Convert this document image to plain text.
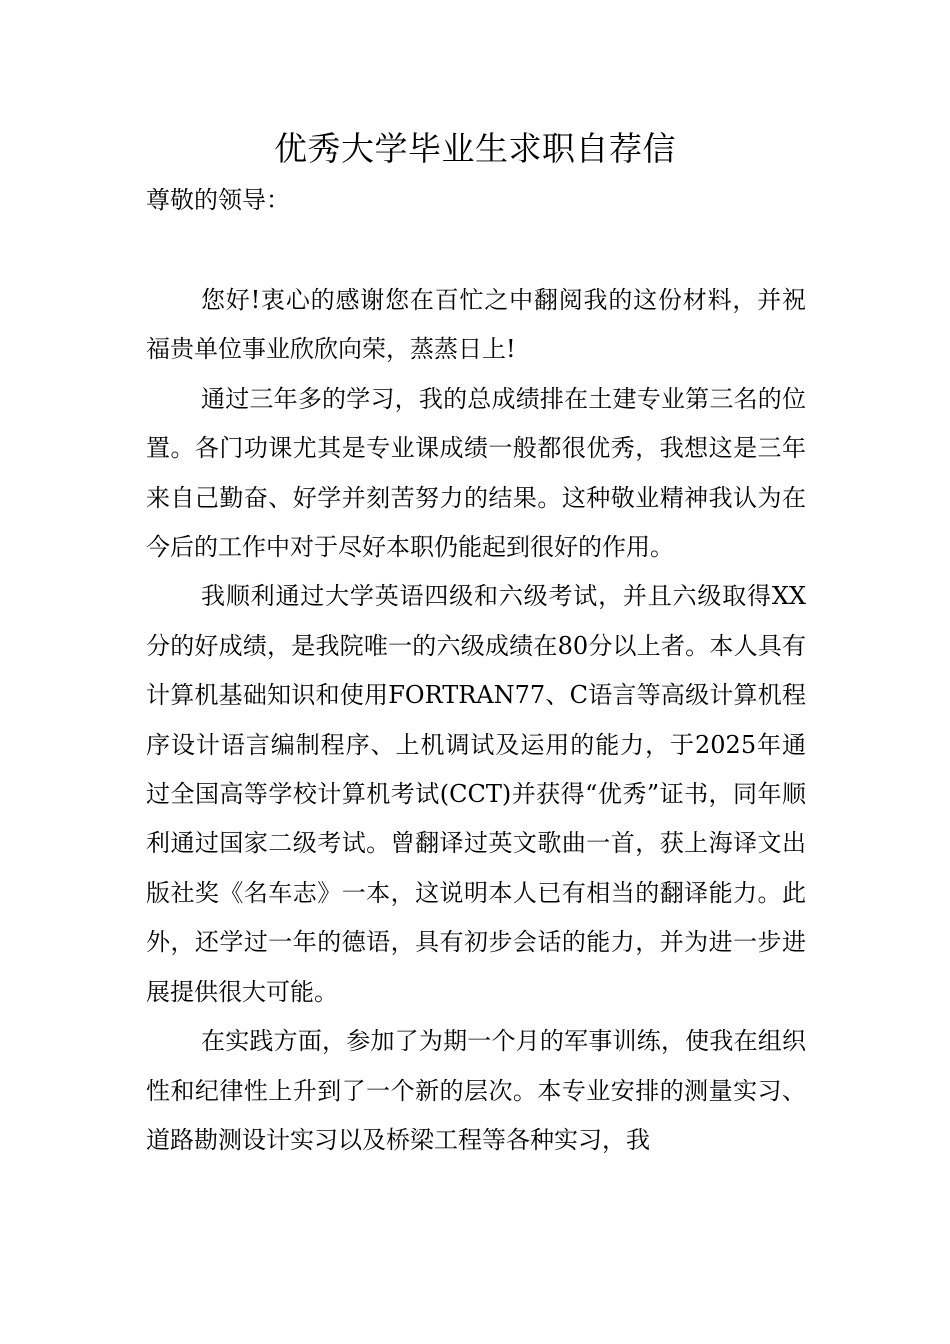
优秀大学毕业生求职自荐信

尊敬的领导：

您好!衷心的感谢您在百忙之中翻阅我的这份材料，并祝福贵单位事业欣欣向荣，蒸蒸日上!

通过三年多的学习，我的总成绩排在土建专业第三名的位置。各门功课尤其是专业课成绩一般都很优秀，我想这是三年来自己勤奋、好学并刻苦努力的结果。这种敬业精神我认为在今后的工作中对于尽好本职仍能起到很好的作用。

我顺利通过大学英语四级和六级考试，并且六级取得XX分的好成绩，是我院唯一的六级成绩在80分以上者。本人具有计算机基础知识和使用FORTRAN77、C语言等高级计算机程序设计语言编制程序、上机调试及运用的能力，于2025年通过全国高等学校计算机考试(CCT)并获得“优秀”证书，同年顺利通过国家二级考试。曾翻译过英文歌曲一首，获上海译文出版社奖《名车志》一本，这说明本人已有相当的翻译能力。此外，还学过一年的德语，具有初步会话的能力，并为进一步进展提供很大可能。

在实践方面，参加了为期一个月的军事训练，使我在组织性和纪律性上升到了一个新的层次。本专业安排的测量实习、道路勘测设计实习以及桥梁工程等各种实习，我
